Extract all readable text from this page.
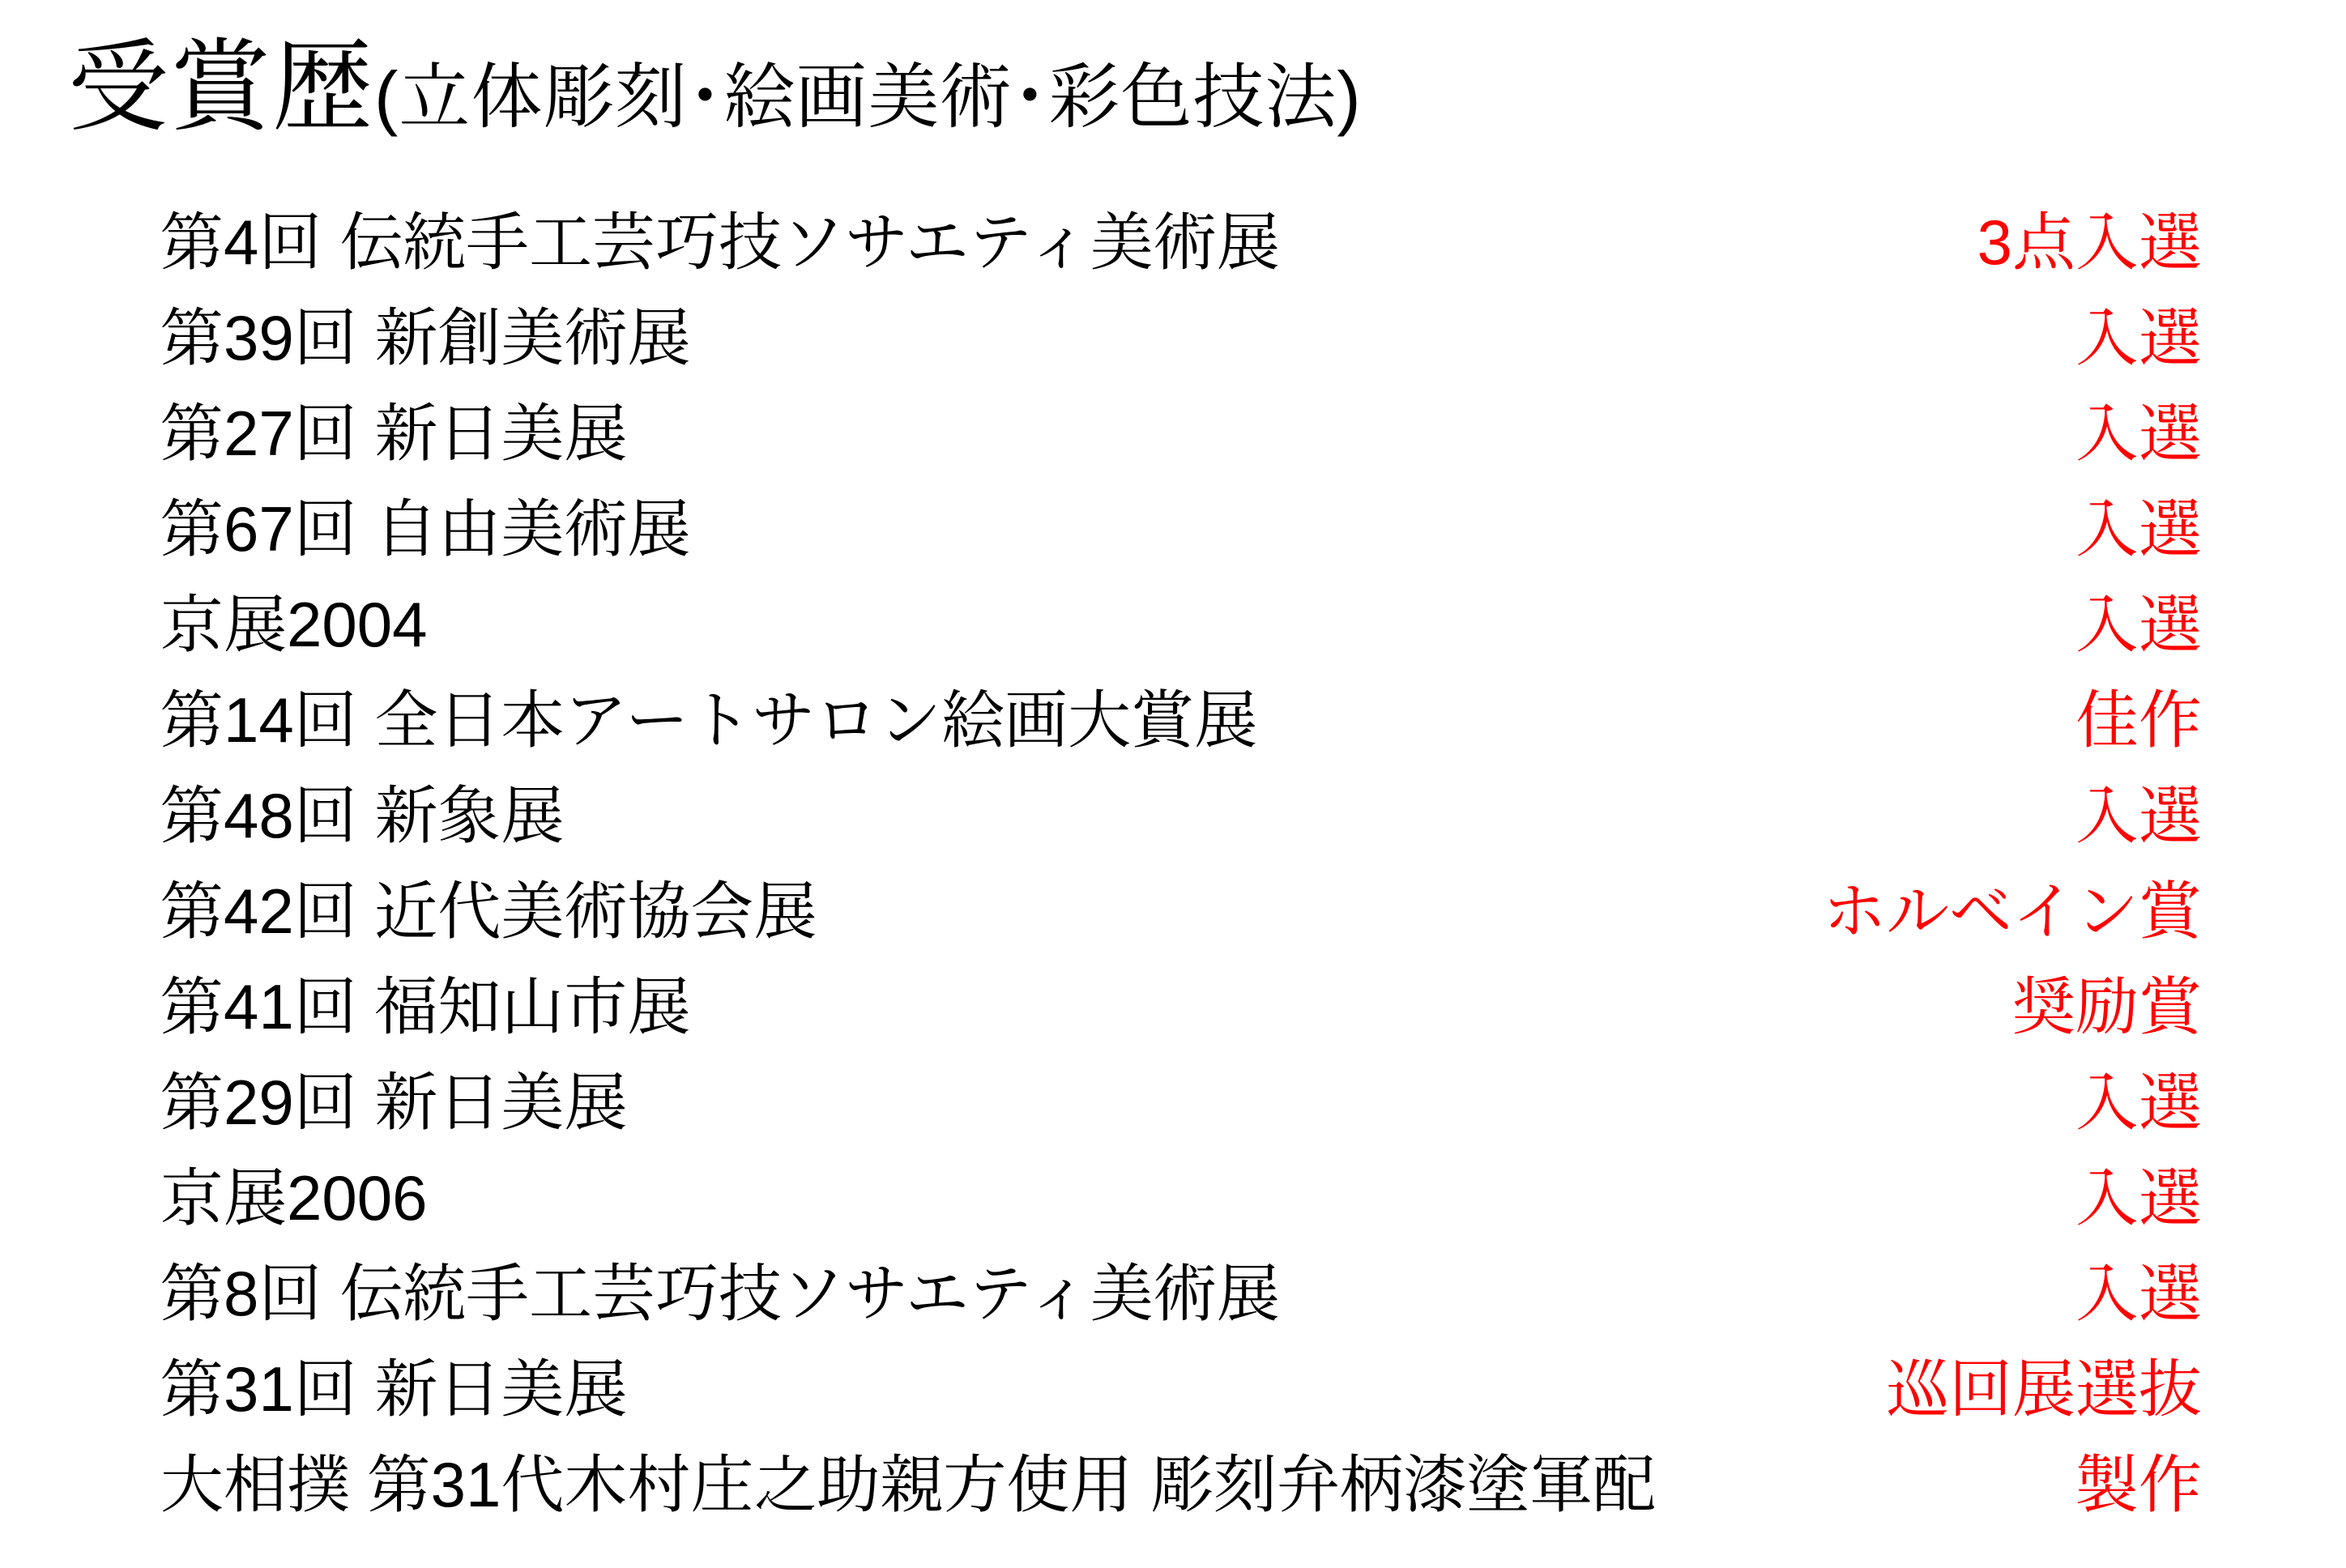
受賞歴(立体彫刻･絵画美術･彩色技法)
第4回 伝統手工芸巧技ソサエティ美術展	3点入選
第39回 新創美術展	入選
第27回 新日美展	入選
第67回 自由美術展	入選
京展2004	入選
第14回 全日本アートサロン絵画大賞展	佳作
第48回 新象展	入選
第42回 近代美術協会展	ホルベイン賞
第41回 福知山市展	奨励賞
第29回 新日美展	入選
京展2006	入選
第8回 伝統手工芸巧技ソサエティ美術展	入選
第31回 新日美展	巡回展選抜
大相撲 第31代木村庄之助親方使用 彫刻弁柄漆塗軍配	製作
